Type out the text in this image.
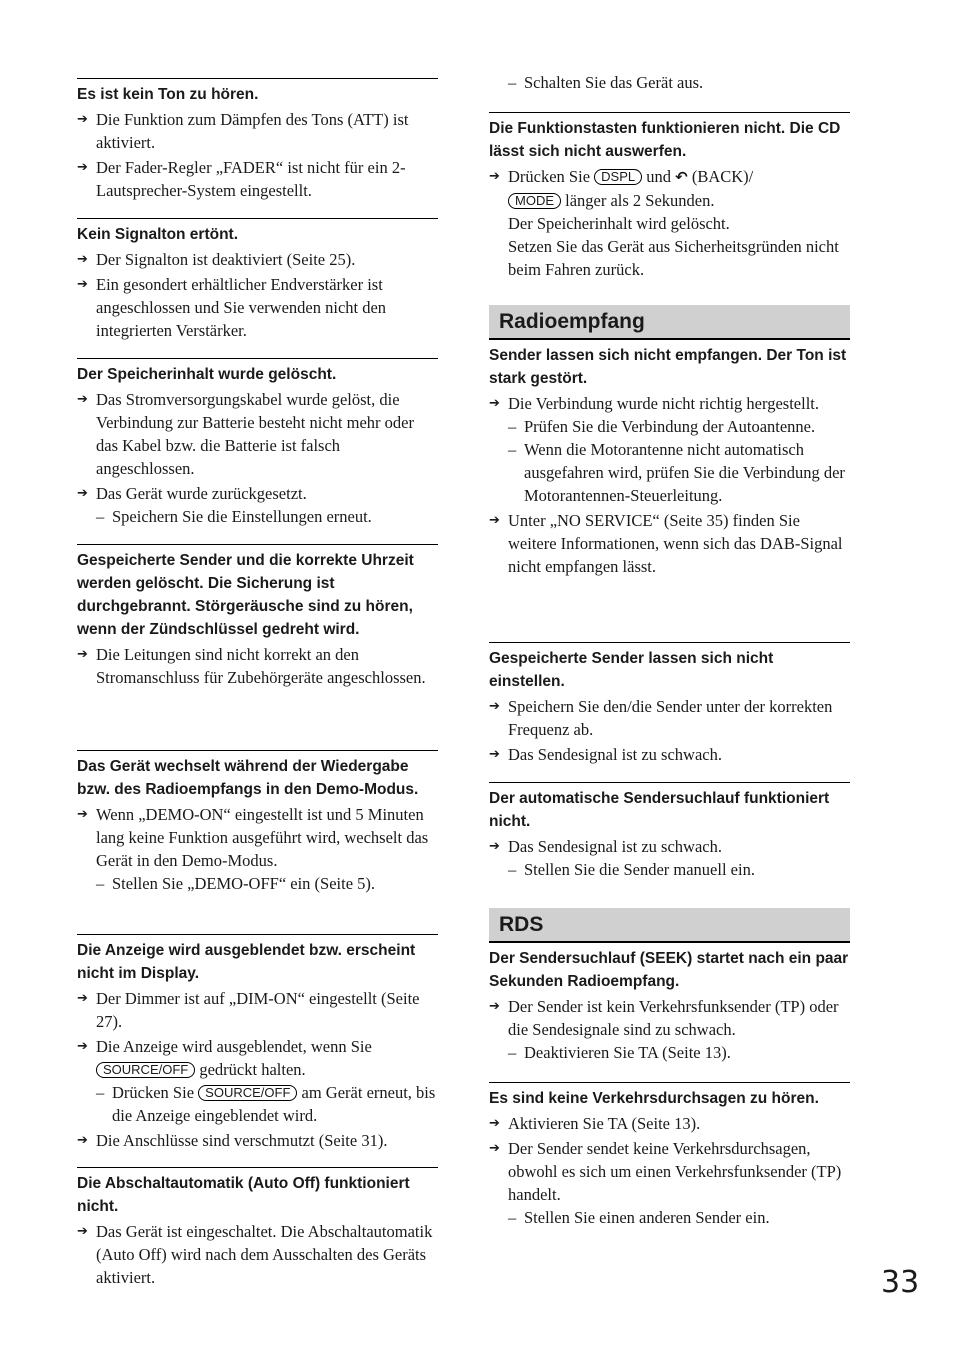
Es ist kein Ton zu hören.
➔ Die Funktion zum Dämpfen des Tons (ATT) ist aktiviert.
➔ Der Fader-Regler „FADER“ ist nicht für ein 2-Lautsprecher-System eingestellt.
Kein Signalton ertönt.
➔ Der Signalton ist deaktiviert (Seite 25).
➔ Ein gesondert erhältlicher Endverstärker ist angeschlossen und Sie verwenden nicht den integrierten Verstärker.
Der Speicherinhalt wurde gelöscht.
➔ Das Stromversorgungskabel wurde gelöst, die Verbindung zur Batterie besteht nicht mehr oder das Kabel bzw. die Batterie ist falsch angeschlossen.
➔ Das Gerät wurde zurückgesetzt.
– Speichern Sie die Einstellungen erneut.
Gespeicherte Sender und die korrekte Uhrzeit werden gelöscht. Die Sicherung ist durchgebrannt. Störgeräusche sind zu hören, wenn der Zündschlüssel gedreht wird.
➔ Die Leitungen sind nicht korrekt an den Stromanschluss für Zubehörgeräte angeschlossen.
Das Gerät wechselt während der Wiedergabe bzw. des Radioempfangs in den Demo-Modus.
➔ Wenn „DEMO-ON“ eingestellt ist und 5 Minuten lang keine Funktion ausgeführt wird, wechselt das Gerät in den Demo-Modus.
– Stellen Sie „DEMO-OFF“ ein (Seite 5).
Die Anzeige wird ausgeblendet bzw. erscheint nicht im Display.
➔ Der Dimmer ist auf „DIM-ON“ eingestellt (Seite 27).
➔ Die Anzeige wird ausgeblendet, wenn Sie SOURCE/OFF gedrückt halten.
– Drücken Sie SOURCE/OFF am Gerät erneut, bis die Anzeige eingeblendet wird.
➔ Die Anschlüsse sind verschmutzt (Seite 31).
Die Abschaltautomatik (Auto Off) funktioniert nicht.
➔ Das Gerät ist eingeschaltet. Die Abschaltautomatik (Auto Off) wird nach dem Ausschalten des Geräts aktiviert.
– Schalten Sie das Gerät aus.
Die Funktionstasten funktionieren nicht. Die CD lässt sich nicht auswerfen.
➔ Drücken Sie DSPL und ↶ (BACK)/
MODE länger als 2 Sekunden.
Der Speicherinhalt wird gelöscht.
Setzen Sie das Gerät aus Sicherheitsgründen nicht beim Fahren zurück.
Radioempfang
Sender lassen sich nicht empfangen. Der Ton ist stark gestört.
➔ Die Verbindung wurde nicht richtig hergestellt.
– Prüfen Sie die Verbindung der Autoantenne.
– Wenn die Motorantenne nicht automatisch ausgefahren wird, prüfen Sie die Verbindung der Motorantennen-Steuerleitung.
➔ Unter „NO SERVICE“ (Seite 35) finden Sie weitere Informationen, wenn sich das DAB-Signal nicht empfangen lässt.
Gespeicherte Sender lassen sich nicht einstellen.
➔ Speichern Sie den/die Sender unter der korrekten Frequenz ab.
➔ Das Sendesignal ist zu schwach.
Der automatische Sendersuchlauf funktioniert nicht.
➔ Das Sendesignal ist zu schwach.
– Stellen Sie die Sender manuell ein.
RDS
Der Sendersuchlauf (SEEK) startet nach ein paar Sekunden Radioempfang.
➔ Der Sender ist kein Verkehrsfunksender (TP) oder die Sendesignale sind zu schwach.
– Deaktivieren Sie TA (Seite 13).
Es sind keine Verkehrsdurchsagen zu hören.
➔ Aktivieren Sie TA (Seite 13).
➔ Der Sender sendet keine Verkehrsdurchsagen, obwohl es sich um einen Verkehrsfunksender (TP) handelt.
– Stellen Sie einen anderen Sender ein.
33
